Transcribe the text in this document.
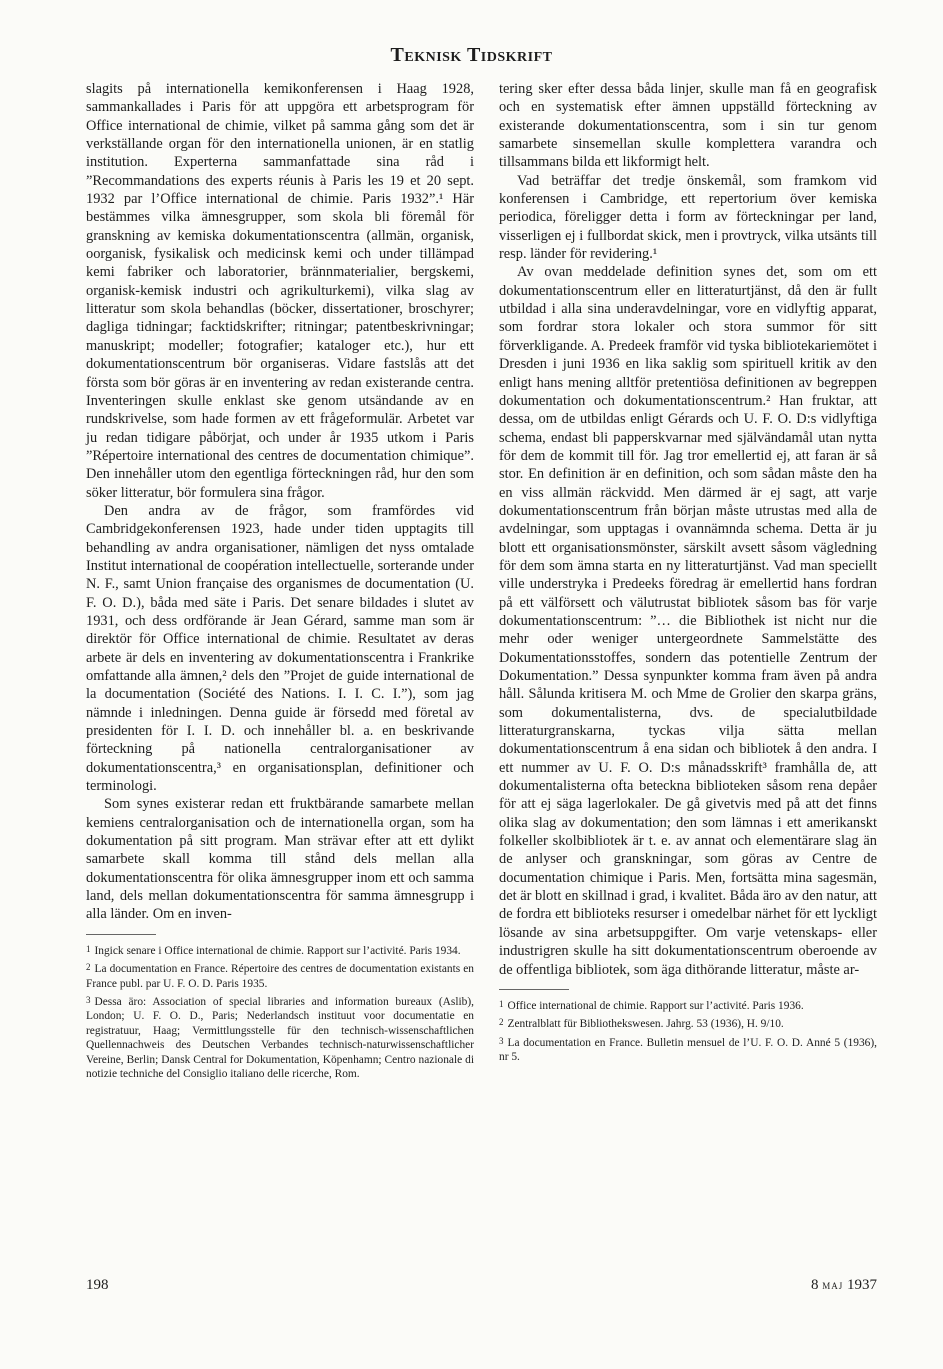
Teknisk Tidskrift

slagits på internationella kemikonferensen i Haag 1928, sammankallades i Paris för att uppgöra ett arbetsprogram för Office international de chimie, vilket på samma gång som det är verkställande organ för den internationella unionen, är en statlig institution. Experterna sammanfattade sina råd i ”Recommandations des experts réunis à Paris les 19 et 20 sept. 1932 par l’Office international de chimie. Paris 1932”.¹ Här bestämmes vilka ämnesgrupper, som skola bli föremål för granskning av kemiska dokumentationscentra (allmän, organisk, oorganisk, fysikalisk och medicinsk kemi och under tillämpad kemi fabriker och laboratorier, brännmaterialier, bergskemi, organisk-kemisk industri och agrikulturkemi), vilka slag av litteratur som skola behandlas (böcker, dissertationer, broschyrer; dagliga tidningar; facktidskrifter; ritningar; patentbeskrivningar; manuskript; modeller; fotografier; kataloger etc.), hur ett dokumentationscentrum bör organiseras. Vidare fastslås att det första som bör göras är en inventering av redan existerande centra. Inventeringen skulle enklast ske genom utsändande av en rundskrivelse, som hade formen av ett frågeformulär. Arbetet var ju redan tidigare påbörjat, och under år 1935 utkom i Paris ”Répertoire international des centres de documentation chimique”. Den innehåller utom den egentliga förteckningen råd, hur den som söker litteratur, bör formulera sina frågor.

Den andra av de frågor, som framfördes vid Cambridgekonferensen 1923, hade under tiden upptagits till behandling av andra organisationer, nämligen det nyss omtalade Institut international de coopération intellectuelle, sorterande under N. F., samt Union française des organismes de documentation (U. F. O. D.), båda med säte i Paris. Det senare bildades i slutet av 1931, och dess ordförande är Jean Gérard, samme man som är direktör för Office international de chimie. Resultatet av deras arbete är dels en inventering av dokumentationscentra i Frankrike omfattande alla ämnen,² dels den ”Projet de guide international de la documentation (Société des Nations. I. I. C. I.”), som jag nämnde i inledningen. Denna guide är försedd med företal av presidenten för I. I. D. och innehåller bl. a. en beskrivande förteckning på nationella centralorganisationer av dokumentationscentra,³ en organisationsplan, definitioner och terminologi.

Som synes existerar redan ett fruktbärande samarbete mellan kemiens centralorganisation och de internationella organ, som ha dokumentation på sitt program. Man strävar efter att ett dylikt samarbete skall komma till stånd dels mellan alla dokumentationscentra för olika ämnesgrupper inom ett och samma land, dels mellan dokumentationscentra för samma ämnesgrupp i alla länder. Om en inven-

1 Ingick senare i Office international de chimie. Rapport sur l’activité. Paris 1934.
2 La documentation en France. Répertoire des centres de documentation existants en France publ. par U. F. O. D. Paris 1935.
3 Dessa äro: Association of special libraries and information bureaux (Aslib), London; U. F. O. D., Paris; Nederlandsch instituut voor documentatie en registratuur, Haag; Vermittlungsstelle für den technisch-wissenschaftlichen Quellennachweis des Deutschen Verbandes technisch-naturwissenschaftlicher Vereine, Berlin; Dansk Central for Dokumentation, Köpenhamn; Centro nazionale di notizie techniche del Consiglio italiano delle ricerche, Rom.

tering sker efter dessa båda linjer, skulle man få en geografisk och en systematisk efter ämnen uppställd förteckning av existerande dokumentationscentra, som i sin tur genom samarbete sinsemellan skulle komplettera varandra och tillsammans bilda ett likformigt helt.

Vad beträffar det tredje önskemål, som framkom vid konferensen i Cambridge, ett repertorium över kemiska periodica, föreligger detta i form av förteckningar per land, visserligen ej i fullbordat skick, men i provtryck, vilka utsänts till resp. länder för revidering.¹

Av ovan meddelade definition synes det, som om ett dokumentationscentrum eller en litteraturtjänst, då den är fullt utbildad i alla sina underavdelningar, vore en vidlyftig apparat, som fordrar stora lokaler och stora summor för sitt förverkligande. A. Predeek framför vid tyska bibliotekariemötet i Dresden i juni 1936 en lika saklig som spirituell kritik av den enligt hans mening alltför pretentiösa definitionen av begreppen dokumentation och dokumentationscentrum.² Han fruktar, att dessa, om de utbildas enligt Gérards och U. F. O. D:s vidlyftiga schema, endast bli papperskvarnar med självändamål utan nytta för dem de kommit till för. Jag tror emellertid ej, att faran är så stor. En definition är en definition, och som sådan måste den ha en viss allmän räckvidd. Men därmed är ej sagt, att varje dokumentationscentrum från början måste utrustas med alla de avdelningar, som upptagas i ovannämnda schema. Detta är ju blott ett organisationsmönster, särskilt avsett såsom vägledning för dem som ämna starta en ny litteraturtjänst. Vad man speciellt ville understryka i Predeeks föredrag är emellertid hans fordran på ett välförsett och välutrustat bibliotek såsom bas för varje dokumentationscentrum: ”… die Bibliothek ist nicht nur die mehr oder weniger untergeordnete Sammelstätte des Dokumentationsstoffes, sondern das potentielle Zentrum der Dokumentation.” Dessa synpunkter komma fram även på andra håll. Sålunda kritisera M. och Mme de Grolier den skarpa gräns, som dokumentalisterna, dvs. de specialutbildade litteraturgranskarna, tyckas vilja sätta mellan dokumentationscentrum å ena sidan och bibliotek å den andra. I ett nummer av U. F. O. D:s månadsskrift³ framhålla de, att dokumentalisterna ofta beteckna biblioteken såsom rena depåer för att ej säga lagerlokaler. De gå givetvis med på att det finns olika slag av dokumentation; den som lämnas i ett amerikanskt folkeller skolbibliotek är t. e. av annat och elementärare slag än de anlyser och granskningar, som göras av Centre de documentation chimique i Paris. Men, fortsätta mina sagesmän, det är blott en skillnad i grad, i kvalitet. Båda äro av den natur, att de fordra ett biblioteks resurser i omedelbar närhet för ett lyckligt lösande av sina arbetsuppgifter. Om varje vetenskaps- eller industrigren skulle ha sitt dokumentationscentrum oberoende av de offentliga bibliotek, som äga dithörande litteratur, måste ar-

1 Office international de chimie. Rapport sur l’activité. Paris 1936.
2 Zentralblatt für Bibliothekswesen. Jahrg. 53 (1936), H. 9/10.
3 La documentation en France. Bulletin mensuel de l’U. F. O. D. Anné 5 (1936), nr 5.
198	8 maj 1937
